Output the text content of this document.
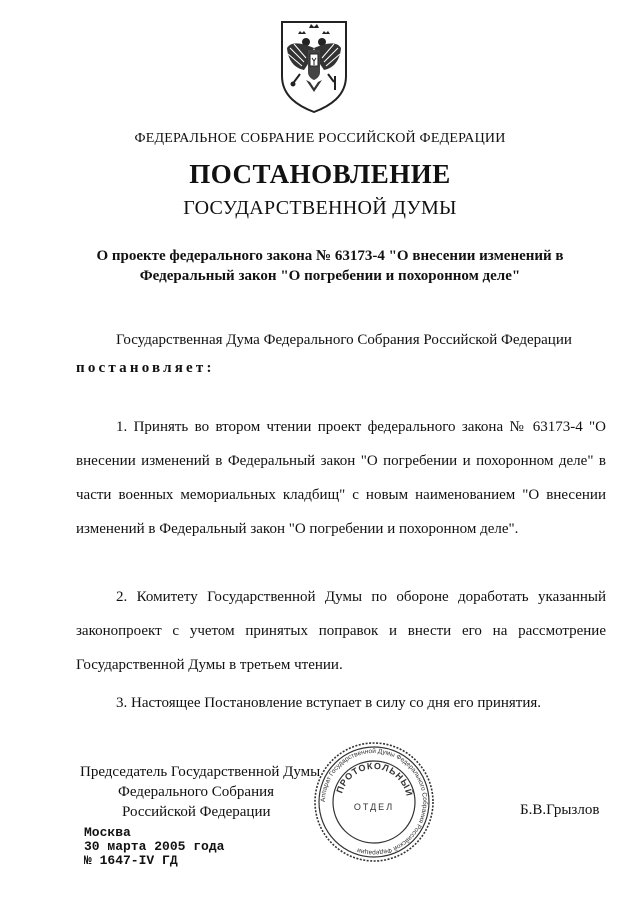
ФЕДЕРАЛЬНОЕ СОБРАНИЕ РОССИЙСКОЙ ФЕДЕРАЦИИ
ПОСТАНОВЛЕНИЕ
ГОСУДАРСТВЕННОЙ ДУМЫ
О проекте федерального закона № 63173-4 "О внесении изменений в Федеральный закон "О погребении и похоронном деле"
Государственная Дума Федерального Собрания Российской Федерации
постановляет:
1. Принять во втором чтении проект федерального закона № 63173-4 "О внесении изменений в Федеральный закон "О погребении и похоронном деле" в части военных мемориальных кладбищ" с новым наименованием "О внесении изменений в Федеральный закон "О погребении и похоронном деле".
2. Комитету Государственной Думы по обороне доработать указанный законопроект с учетом принятых поправок и внести его на рассмотрение Государственной Думы в третьем чтении.
3. Настоящее Постановление вступает в силу со дня его принятия.
Председатель Государственной Думы
Федерального Собрания
Российской Федерации
Аппарат Государственной Думы Федерального Собрания Российской Федерации
ПРОТОКОЛЬНЫЙ
ОТДЕЛ	Б.В.Грызлов
Москва
30 марта 2005 года
№ 1647-IV ГД
